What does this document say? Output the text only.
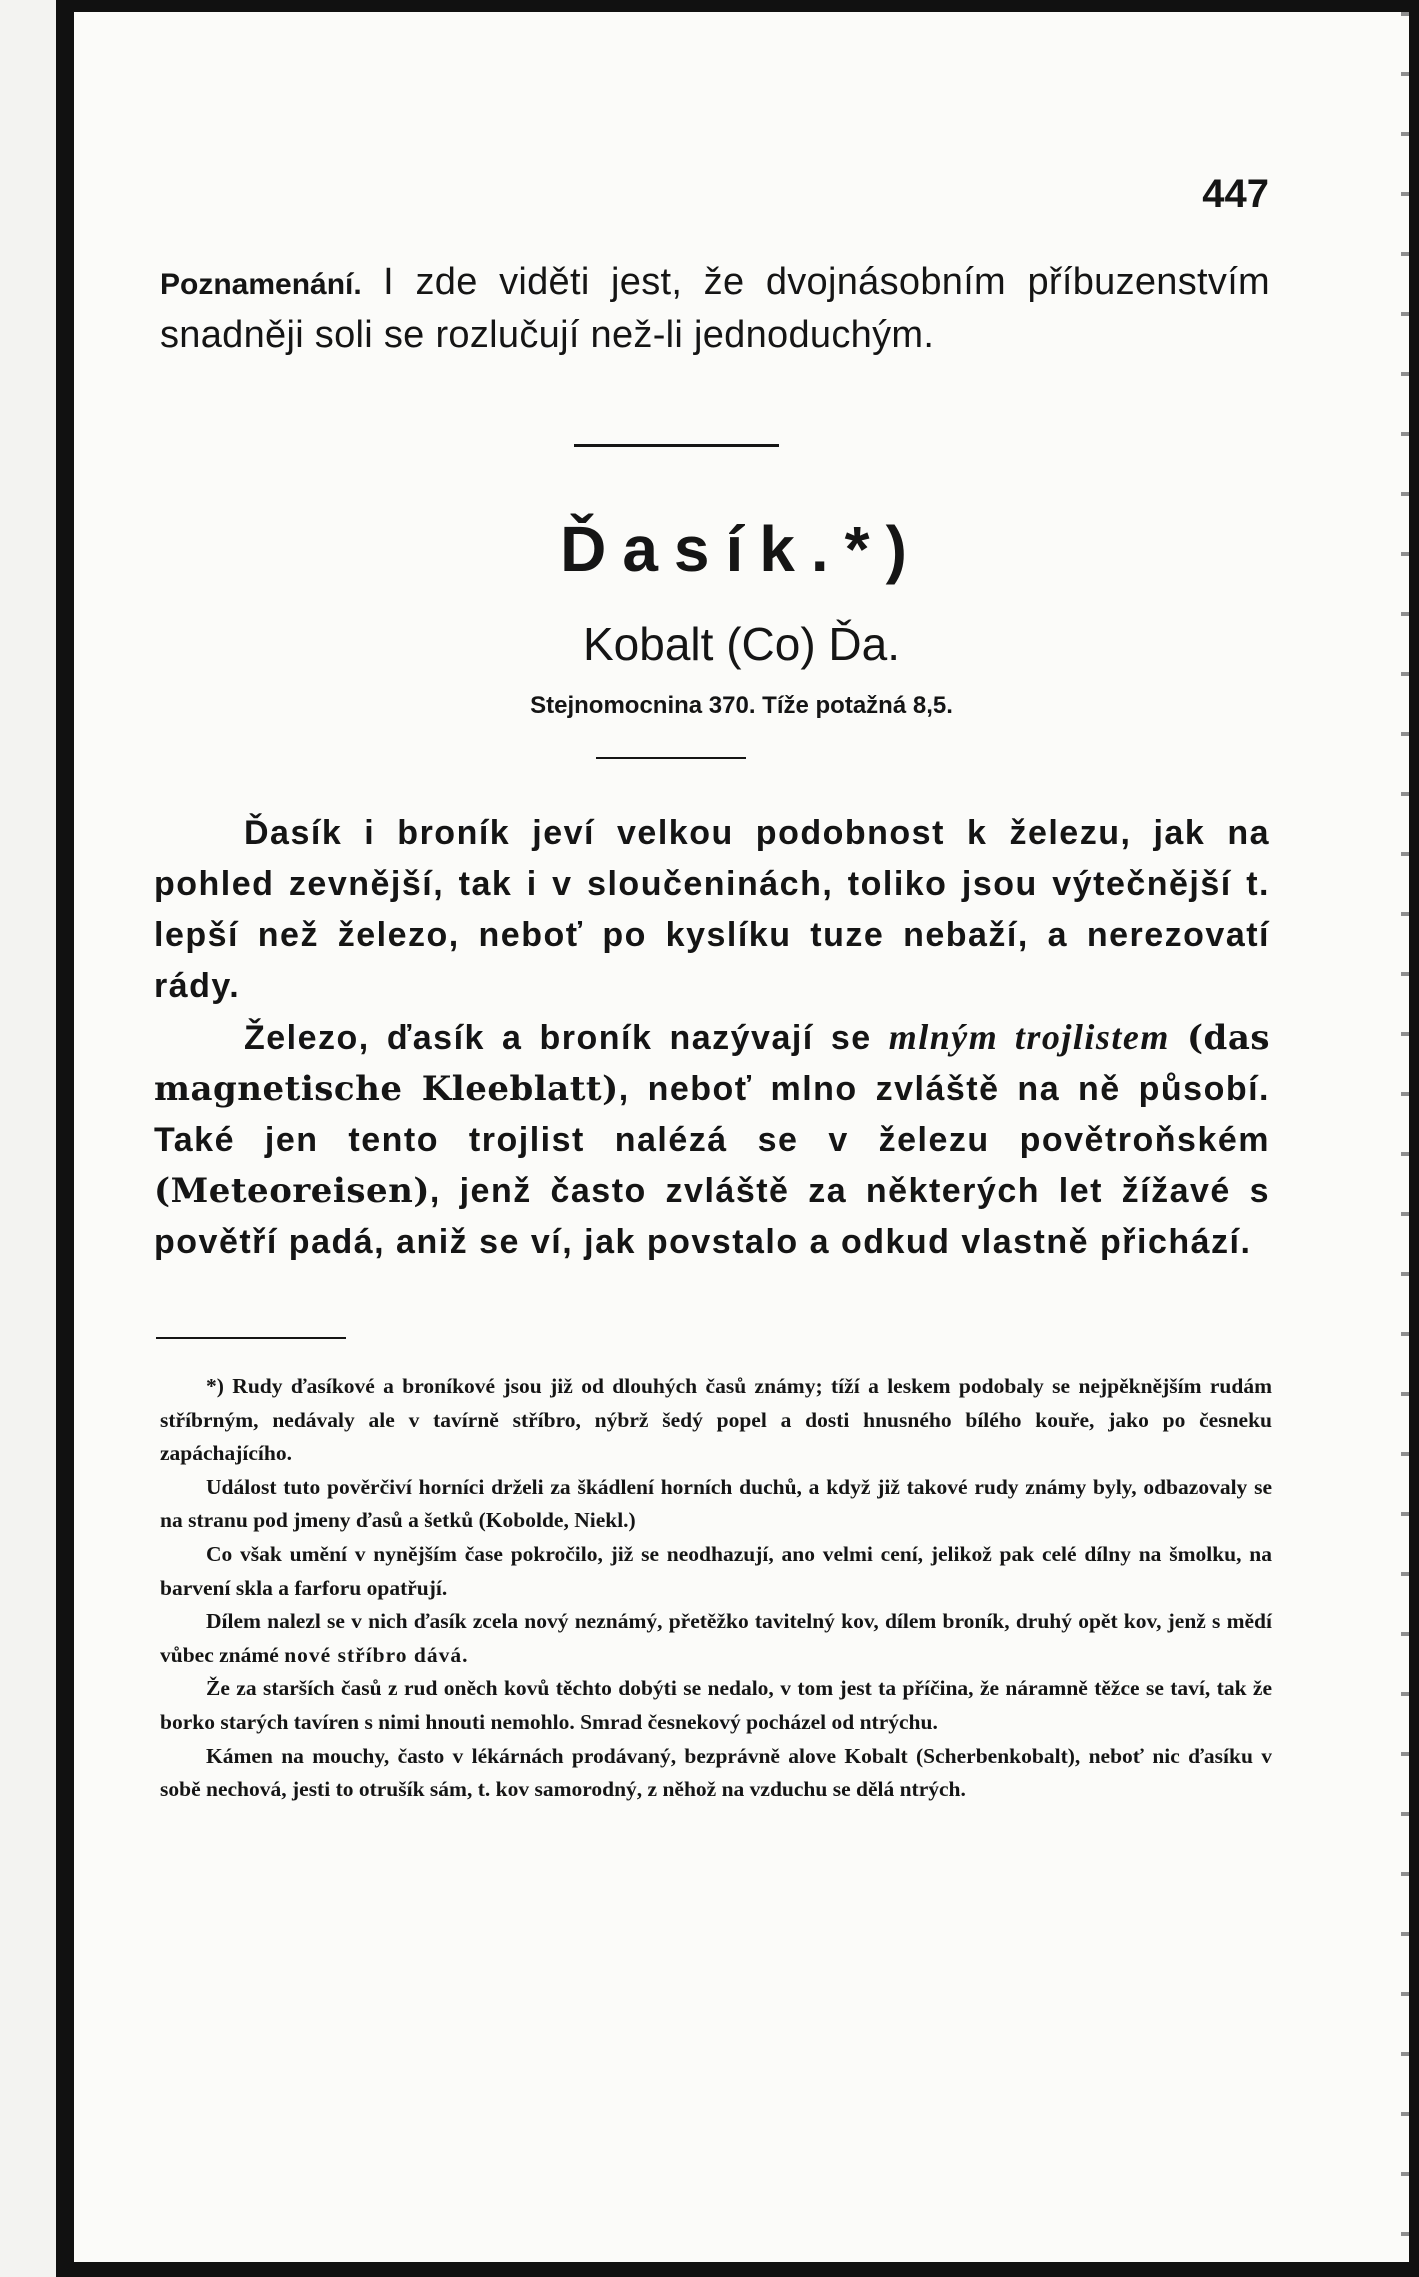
447
Poznamenání. I zde viděti jest, že dvojnásobním příbuzenstvím snadněji soli se rozlučují než-li jednoduchým.
Ďasík.*)
Kobalt (Co) Ďa.
Stejnomocnina 370. Tíže potažná 8,5.

Ďasík i broník jeví velkou podobnost k železu, jak na pohled zevnější, tak i v sloučeninách, toliko jsou výtečnější t. lepší než železo, neboť po kyslíku tuze nebaží, a nerezovatí rády.

Železo, ďasík a broník nazývají se mlným trojlistem (das magnetische Kleeblatt), neboť mlno zvláště na ně působí. Také jen tento trojlist nalézá se v železu povětroňském (Meteoreisen), jenž často zvláště za některých let žížavé s povětří padá, aniž se ví, jak povstalo a odkud vlastně přichází.

*) Rudy ďasíkové a broníkové jsou již od dlouhých časů známy; tíží a leskem podobaly se nejpěknějším rudám stříbrným, nedávaly ale v tavírně stříbro, nýbrž šedý popel a dosti hnusného bílého kouře, jako po česneku zapáchajícího.

Událost tuto pověrčiví horníci drželi za škádlení horních duchů, a když již takové rudy známy byly, odbazovaly se na stranu pod jmeny ďasů a šetků (Kobolde, Niekl.)

Co však umění v nynějším čase pokročilo, již se neodhazují, ano velmi cení, jelikož pak celé dílny na šmolku, na barvení skla a farforu opatřují.

Dílem nalezl se v nich ďasík zcela nový neznámý, přetěžko tavitelný kov, dílem broník, druhý opět kov, jenž s mědí vůbec známé nové stříbro dává.

Že za starších časů z rud oněch kovů těchto dobýti se nedalo, v tom jest ta příčina, že náramně těžce se taví, tak že borko starých tavíren s nimi hnouti nemohlo. Smrad česnekový pocházel od ntrýchu.

Kámen na mouchy, často v lékárnách prodávaný, bezprávně alove Kobalt (Scherbenkobalt), neboť nic ďasíku v sobě nechová, jesti to otrušík sám, t. kov samorodný, z něhož na vzduchu se dělá ntrých.
